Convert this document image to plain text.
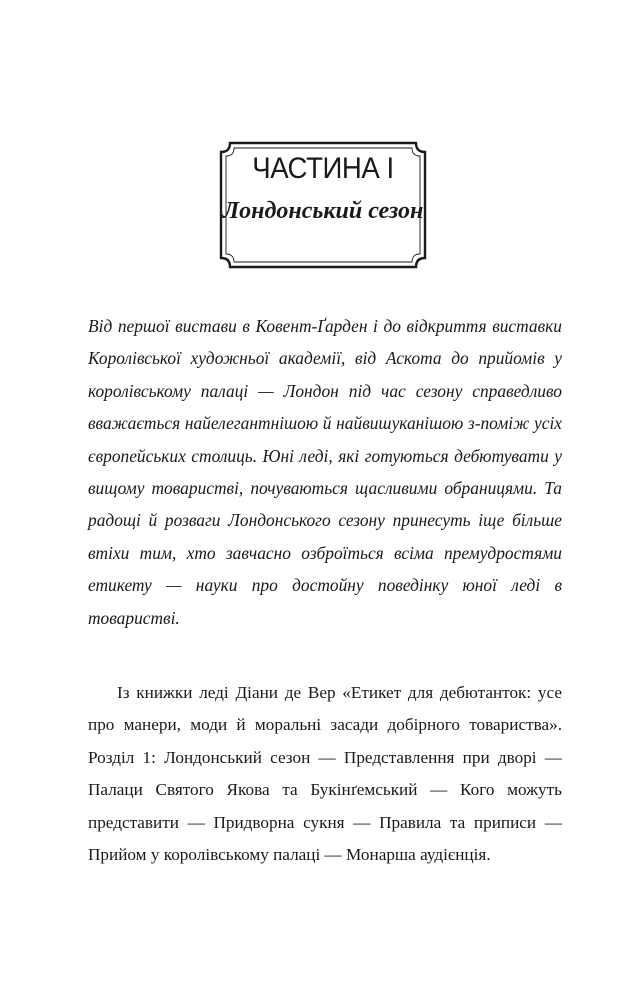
ЧАСТИНА I
Лондонський сезон

Від першої вистави в Ковент-Ґарден і до відкриття виставки Королівської художньої академії, від Аскота до прийомів у королівському палаці — Лондон під час сезону справедливо вважається найелегантнішою й найвишуканішою з-поміж усіх європейських столиць. Юні леді, які готуються дебютувати у вищому товаристві, почуваються щасливими обраницями. Та радощі й розваги Лондонського сезону принесуть іще більше втіхи тим, хто завчасно озброїться всіма премудростями етикету — науки про достойну поведінку юної леді в товаристві.

Із книжки леді Діани де Вер «Етикет для дебютанток: усе про манери, моди й моральні засади добірного товариства». Розділ 1: Лондонський сезон — Представлення при дворі — Палаци Святого Якова та Букінґемський — Кого можуть представити — Придворна сукня — Правила та приписи — Прийом у королівському палаці — Монарша аудієнція.
